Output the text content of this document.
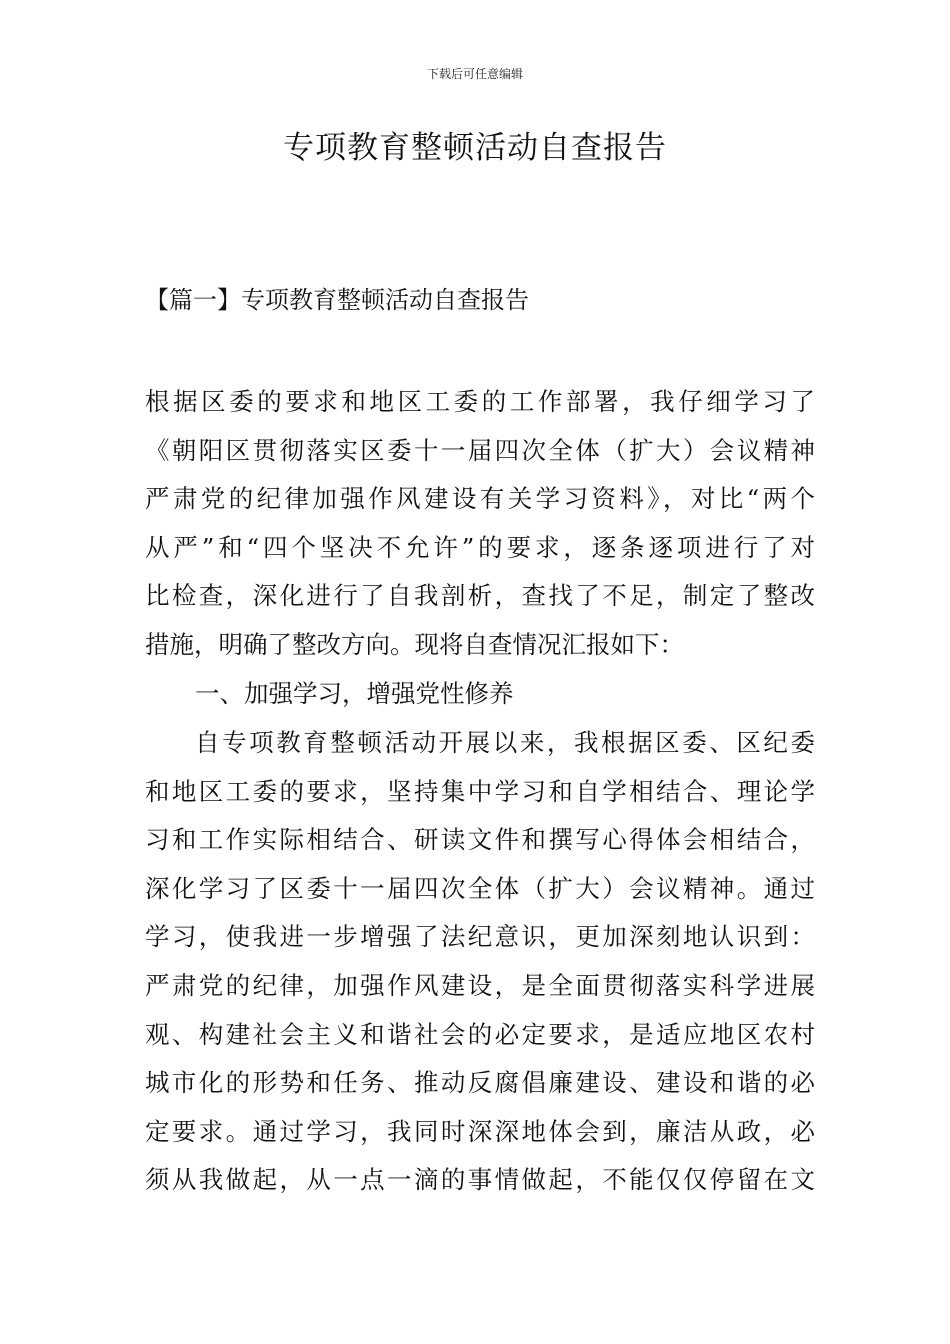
下载后可任意编辑
专项教育整顿活动自查报告
【篇一】专项教育整顿活动自查报告
根据区委的要求和地区工委的工作部署，我仔细学习了
《朝阳区贯彻落实区委十一届四次全体（扩大）会议精神
严肃党的纪律加强作风建设有关学习资料》，对比“两个
从严”和“四个坚决不允许”的要求，逐条逐项进行了对
比检查，深化进行了自我剖析，查找了不足，制定了整改
措施，明确了整改方向。现将自查情况汇报如下：
一、加强学习，增强党性修养
自专项教育整顿活动开展以来，我根据区委、区纪委
和地区工委的要求，坚持集中学习和自学相结合、理论学
习和工作实际相结合、研读文件和撰写心得体会相结合，
深化学习了区委十一届四次全体（扩大）会议精神。通过
学习，使我进一步增强了法纪意识，更加深刻地认识到：
严肃党的纪律，加强作风建设，是全面贯彻落实科学进展
观、构建社会主义和谐社会的必定要求，是适应地区农村
城市化的形势和任务、推动反腐倡廉建设、建设和谐的必
定要求。通过学习，我同时深深地体会到，廉洁从政，必
须从我做起，从一点一滴的事情做起，不能仅仅停留在文
